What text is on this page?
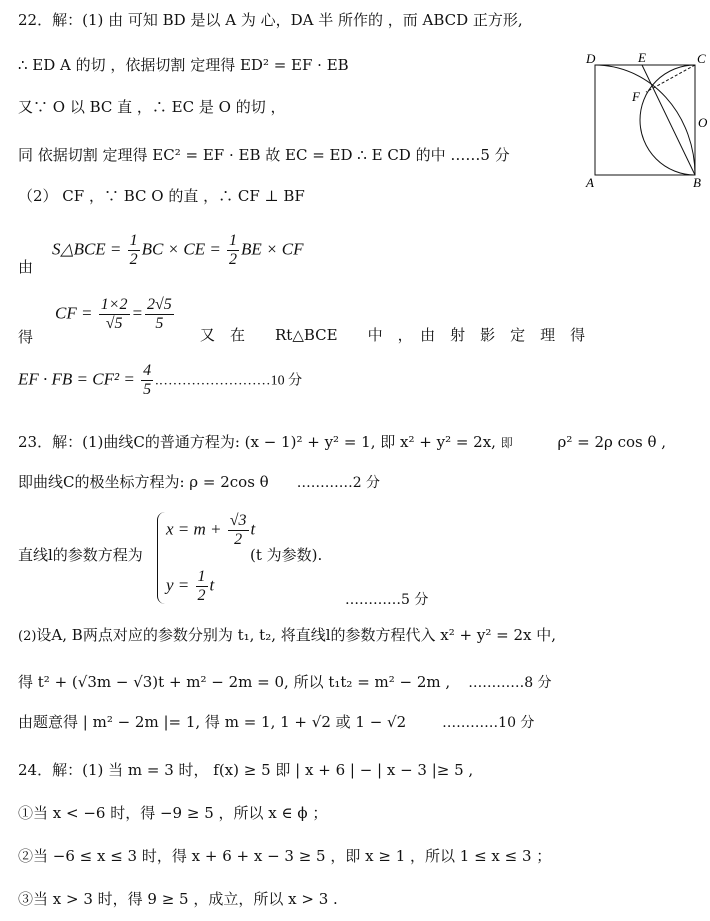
22．解：(1) 由 可知 BD 是以 A 为 心，DA 半 所作的 ，而 ABCD 正方形,
∴ ED A 的切 ，依据切割 定理得 ED² = EF · EB
又∵ O 以 BC 直 ，∴ EC 是 O 的切 ，
同 依据切割 定理得 EC² = EF · EB 故 EC = ED ∴ E CD 的中 ……5 分
（2） CF ，∵ BC O 的直 ，∴ CF ⊥ BF
由
S△BCE = $\frac{1}{2}$ BC × CE = $\frac{1}{2}$ BE × CF
得
CF = $\frac{1\times 2}{√5} = \frac{2√5}{5}$
又　在　　Rt△BCE　　中　，　由　射　影　定　理　得
EF · FB = $CF^2 = \frac{4}{5}$ .……………………10 分
23．解：(1)曲线C的普通方程为: (x − 1)² + y² = 1, 即 x² + y² = 2x, 即	ρ² = 2ρ cos θ ,
即曲线C的极坐标方程为: ρ = 2cos θ …………2 分
直线l的参数方程为
$x = m + \frac{√3}{2}$ t
$y = \frac{1}{2}$ t
(t 为参数).
…………5 分
(2)设A, B两点对应的参数分别为 t₁, t₂, 将直线l的参数方程代入 x² + y² = 2x 中,
得 t² + (√3m − √3)t + m² − 2m = 0, 所以 t₁t₂ = m² − 2m , …………8 分
由题意得 | m² − 2m |= 1, 得 m = 1, 1 + √2 或 1 − √2	…………10 分
24．解：(1) 当 m = 3 时， f(x) ≥ 5 即 | x + 6 | − | x − 3 |≥ 5 ,
①当 x < −6 时，得 −9 ≥ 5 ，所以 x ∈ ϕ ；
②当 −6 ≤ x ≤ 3 时，得 x + 6 + x − 3 ≥ 5 ，即 x ≥ 1 ，所以 1 ≤ x ≤ 3 ；
③当 x > 3 时，得 9 ≥ 5 ，成立，所以 x > 3 .
D	E	C
F
O
A	B
